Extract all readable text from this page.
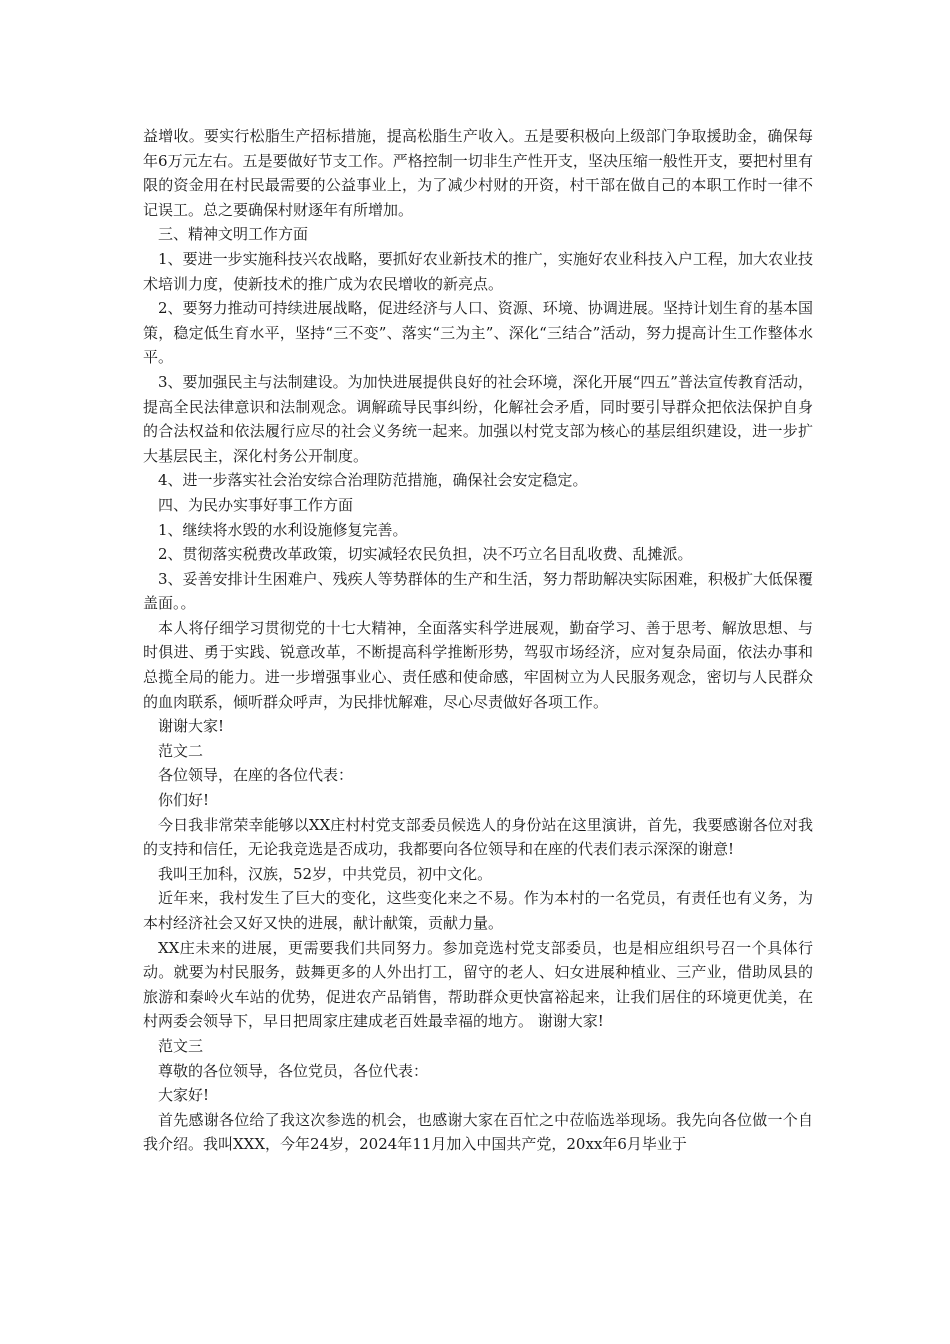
益增收。要实行松脂生产招标措施，提高松脂生产收入。五是要积极向上级部门争取援助金，确保每年6万元左右。五是要做好节支工作。严格控制一切非生产性开支，坚决压缩一般性开支，要把村里有限的资金用在村民最需要的公益事业上，为了减少村财的开资，村干部在做自己的本职工作时一律不记误工。总之要确保村财逐年有所增加。

三、精神文明工作方面

1、要进一步实施科技兴农战略，要抓好农业新技术的推广，实施好农业科技入户工程，加大农业技术培训力度，使新技术的推广成为农民增收的新亮点。

2、要努力推动可持续进展战略，促进经济与人口、资源、环境、协调进展。坚持计划生育的基本国策，稳定低生育水平，坚持“三不变”、落实“三为主”、深化“三结合”活动，努力提高计生工作整体水平。

3、要加强民主与法制建设。为加快进展提供良好的社会环境，深化开展“四五”普法宣传教育活动，提高全民法律意识和法制观念。调解疏导民事纠纷，化解社会矛盾，同时要引导群众把依法保护自身的合法权益和依法履行应尽的社会义务统一起来。加强以村党支部为核心的基层组织建设，进一步扩大基层民主，深化村务公开制度。

4、进一步落实社会治安综合治理防范措施，确保社会安定稳定。

四、为民办实事好事工作方面

1、继续将水毁的水利设施修复完善。

2、贯彻落实税费改革政策，切实减轻农民负担，决不巧立名目乱收费、乱摊派。

3、妥善安排计生困难户、残疾人等势群体的生产和生活，努力帮助解决实际困难，积极扩大低保覆盖面。。

本人将仔细学习贯彻党的十七大精神，全面落实科学进展观，勤奋学习、善于思考、解放思想、与时俱进、勇于实践、锐意改革，不断提高科学推断形势，驾驭市场经济，应对复杂局面，依法办事和总揽全局的能力。进一步增强事业心、责任感和使命感，牢固树立为人民服务观念，密切与人民群众的血肉联系，倾听群众呼声，为民排忧解难，尽心尽责做好各项工作。

谢谢大家!

范文二

各位领导，在座的各位代表：

你们好!

今日我非常荣幸能够以XX庄村村党支部委员候选人的身份站在这里演讲，首先，我要感谢各位对我的支持和信任，无论我竞选是否成功，我都要向各位领导和在座的代表们表示深深的谢意!

我叫王加科，汉族，52岁，中共党员，初中文化。

近年来，我村发生了巨大的变化，这些变化来之不易。作为本村的一名党员，有责任也有义务，为本村经济社会又好又快的进展，献计献策，贡献力量。

XX庄未来的进展，更需要我们共同努力。参加竞选村党支部委员，也是相应组织号召一个具体行动。就要为村民服务，鼓舞更多的人外出打工，留守的老人、妇女进展种植业、三产业，借助凤县的旅游和秦岭火车站的优势，促进农产品销售，帮助群众更快富裕起来，让我们居住的环境更优美，在村两委会领导下，早日把周家庄建成老百姓最幸福的地方。 谢谢大家!

范文三

尊敬的各位领导，各位党员，各位代表：

大家好!

首先感谢各位给了我这次参选的机会，也感谢大家在百忙之中莅临选举现场。我先向各位做一个自我介绍。我叫XXX，今年24岁，2024年11月加入中国共产党，20xx年6月毕业于
